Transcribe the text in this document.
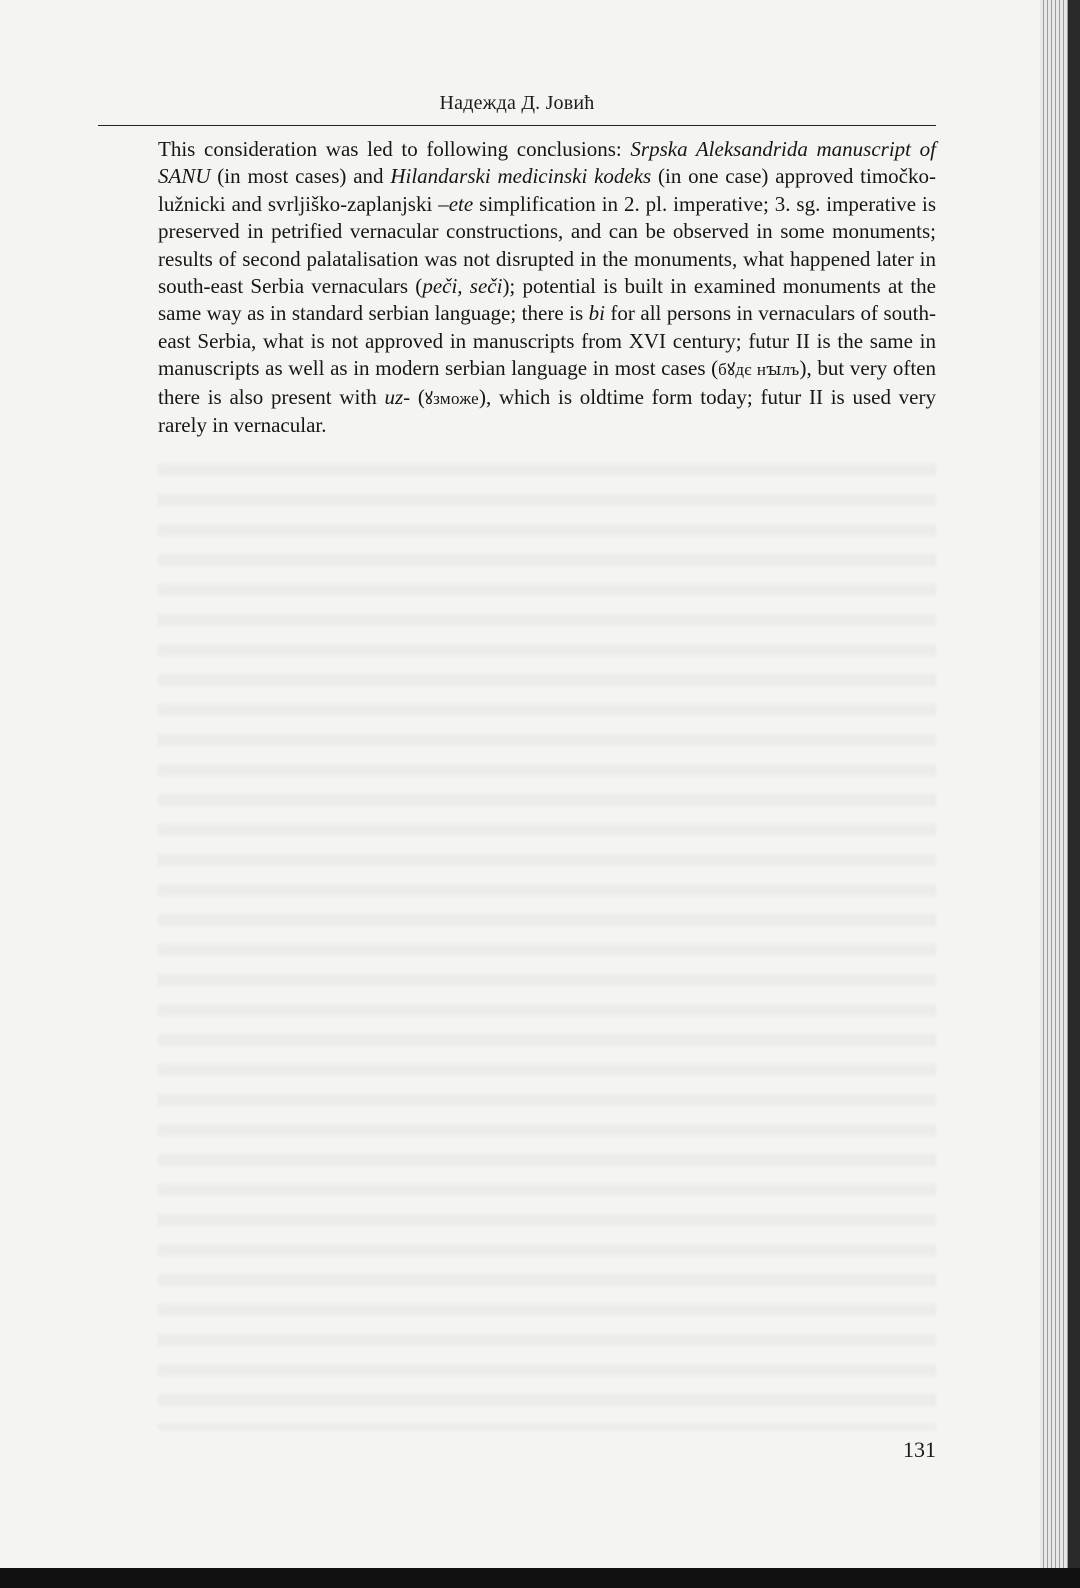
Надежда Д. Јовић

This consideration was led to following conclusions: Srpska Aleksandrida manuscript of SANU (in most cases) and Hilandarski medicinski kodeks (in one case) approved timočko-lužnicki and svrljiško-zaplanjski –ete simplification in 2. pl. imperative; 3. sg. imperative is preserved in petrified vernacular constructions, and can be observed in some monuments; results of second palatalisation was not disrupted in the monuments, what happened later in south-east Serbia vernaculars (peči, seči); potential is built in examined monuments at the same way as in standard serbian language; there is bi for all persons in vernaculars of south-east Serbia, what is not approved in manuscripts from XVI century; futur II is the same in manuscripts as well as in modern serbian language in most cases (бꙋдє нꙑлъ), but very often there is also present with uz- (ꙋзможе), which is oldtime form today; futur II is used very rarely in vernacular.

131
